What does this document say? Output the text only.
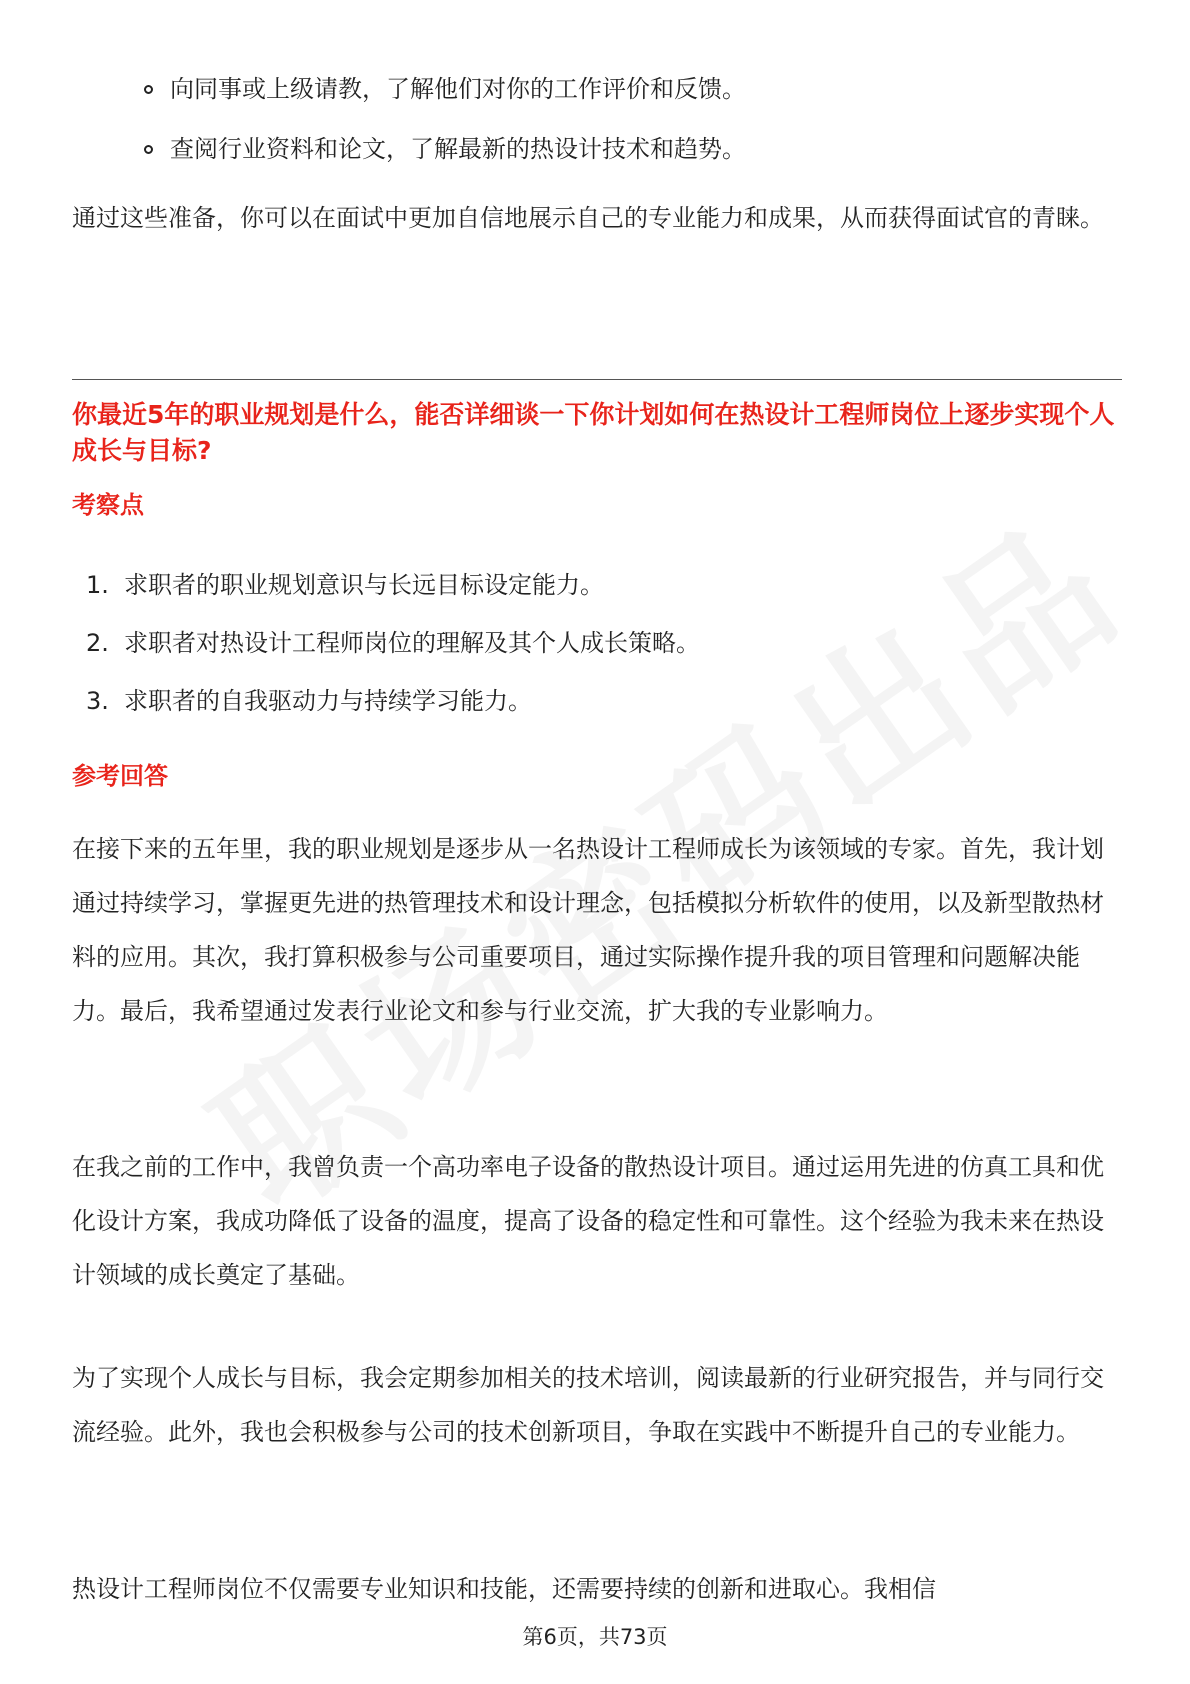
向同事或上级请教，了解他们对你的工作评价和反馈。
查阅行业资料和论文，了解最新的热设计技术和趋势。

通过这些准备，你可以在面试中更加自信地展示自己的专业能力和成果，从而获得面试官的青睐。

你最近5年的职业规划是什么，能否详细谈一下你计划如何在热设计工程师岗位上逐步实现个人成长与目标?

考察点

1. 求职者的职业规划意识与长远目标设定能力。
2. 求职者对热设计工程师岗位的理解及其个人成长策略。
3. 求职者的自我驱动力与持续学习能力。

参考回答

在接下来的五年里，我的职业规划是逐步从一名热设计工程师成长为该领域的专家。首先，我计划通过持续学习，掌握更先进的热管理技术和设计理念，包括模拟分析软件的使用，以及新型散热材料的应用。其次，我打算积极参与公司重要项目，通过实际操作提升我的项目管理和问题解决能力。最后，我希望通过发表行业论文和参与行业交流，扩大我的专业影响力。

在我之前的工作中，我曾负责一个高功率电子设备的散热设计项目。通过运用先进的仿真工具和优化设计方案，我成功降低了设备的温度，提高了设备的稳定性和可靠性。这个经验为我未来在热设计领域的成长奠定了基础。

为了实现个人成长与目标，我会定期参加相关的技术培训，阅读最新的行业研究报告，并与同行交流经验。此外，我也会积极参与公司的技术创新项目，争取在实践中不断提升自己的专业能力。

热设计工程师岗位不仅需要专业知识和技能，还需要持续的创新和进取心。我相信

第6页，共73页
